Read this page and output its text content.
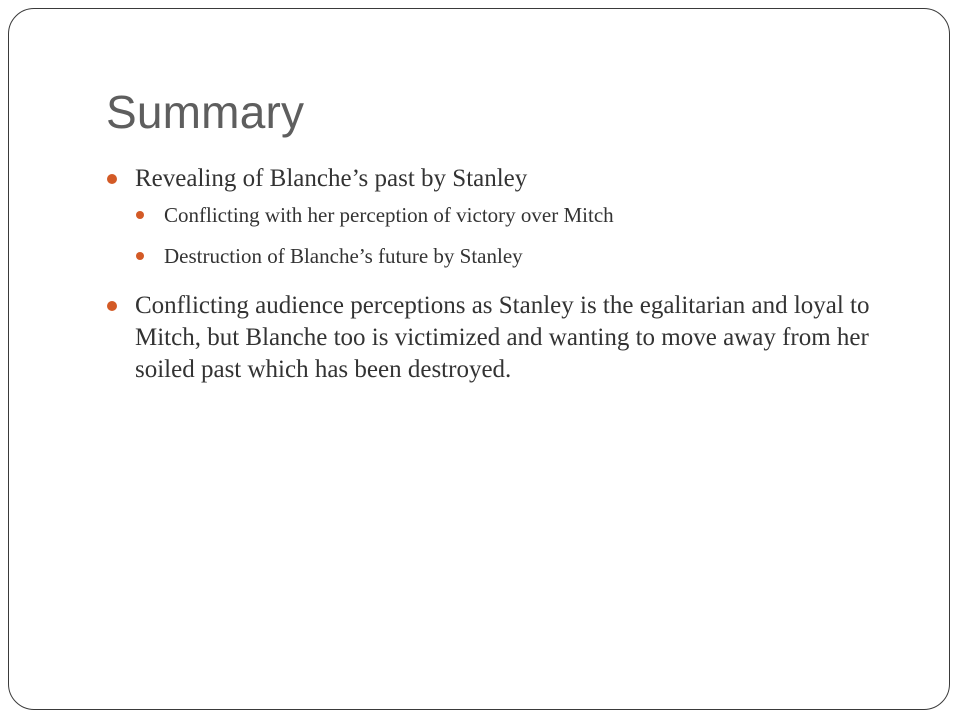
Summary
Revealing of Blanche’s past by Stanley
Conflicting with her perception of victory over Mitch
Destruction of Blanche’s future by Stanley
Conflicting audience perceptions as Stanley is the egalitarian and loyal to Mitch, but Blanche too is victimized and wanting to move away from her soiled past which has been destroyed.
